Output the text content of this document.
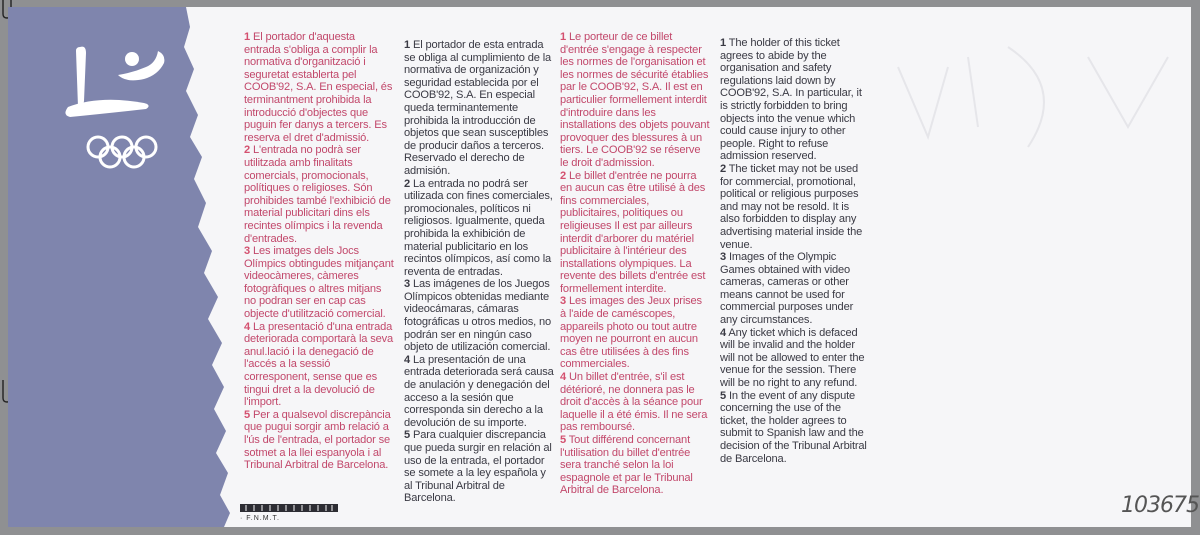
1 El portador d'aquesta entrada s'obliga a complir la normativa d'organització i seguretat establerta pel COOB'92, S.A. En especial, és terminantment prohibida la introducció d'objectes que puguin fer danys a tercers. Es reserva el dret d'admissió.

2 L'entrada no podrà ser utilitzada amb finalitats comercials, promocionals, polítiques o religioses. Són prohibides també l'exhibició de material publicitari dins els recintes olímpics i la revenda d'entrades.

3 Les imatges dels Jocs Olímpics obtingudes mitjançant videocàmeres, càmeres fotogràfiques o altres mitjans no podran ser en cap cas objecte d'utilització comercial.

4 La presentació d'una entrada deteriorada comportarà la seva anul.lació i la denegació de l'accés a la sessió corresponent, sense que es tingui dret a la devolució de l'import.

5 Per a qualsevol discrepància que pugui sorgir amb relació a l'ús de l'entrada, el portador se sotmet a la llei espanyola i al Tribunal Arbitral de Barcelona.

1 El portador de esta entrada se obliga al cumplimiento de la normativa de organización y seguridad establecida por el COOB'92, S.A. En especial queda terminantemente prohibida la introducción de objetos que sean susceptibles de producir daños a terceros. Reservado el derecho de admisión.

2 La entrada no podrá ser utilizada con fines comerciales, promocionales, políticos ni religiosos. Igualmente, queda prohibida la exhibición de material publicitario en los recintos olímpicos, así como la reventa de entradas.

3 Las imágenes de los Juegos Olímpicos obtenidas mediante videocámaras, cámaras fotográficas u otros medios, no podrán ser en ningún caso objeto de utilización comercial.

4 La presentación de una entrada deteriorada será causa de anulación y denegación del acceso a la sesión que corresponda sin derecho a la devolución de su importe.

5 Para cualquier discrepancia que pueda surgir en relación al uso de la entrada, el portador se somete a la ley española y al Tribunal Arbitral de Barcelona.

1 Le porteur de ce billet d'entrée s'engage à respecter les normes de l'organisation et les normes de sécurité établies par le COOB'92, S.A. Il est en particulier formellement interdit d'introduire dans les installations des objets pouvant provoquer des blessures à un tiers. Le COOB'92 se réserve le droit d'admission.

2 Le billet d'entrée ne pourra en aucun cas être utilisé à des fins commerciales, publicitaires, politiques ou religieuses Il est par ailleurs interdit d'arborer du matériel publicitaire à l'intérieur des installations olympiques. La revente des billets d'entrée est formellement interdite.

3 Les images des Jeux prises à l'aide de caméscopes, appareils photo ou tout autre moyen ne pourront en aucun cas être utilisées à des fins commerciales.

4 Un billet d'entrée, s'il est détérioré, ne donnera pas le droit d'accès à la séance pour laquelle il a été émis. Il ne sera pas remboursé.

5 Tout différend concernant l'utilisation du billet d'entrée sera tranché selon la loi espagnole et par le Tribunal Arbitral de Barcelona.

1 The holder of this ticket agrees to abide by the organisation and safety regulations laid down by COOB'92, S.A. In particular, it is strictly forbidden to bring objects into the venue which could cause injury to other people. Right to refuse admission reserved.

2 The ticket may not be used for commercial, promotional, political or religious purposes and may not be resold. It is also forbidden to display any advertising material inside the venue.

3 Images of the Olympic Games obtained with video cameras, cameras or other means cannot be used for commercial purposes under any circumstances.

4 Any ticket which is defaced will be invalid and the holder will not be allowed to enter the venue for the session. There will be no right to any refund.

5 In the event of any dispute concerning the use of the ticket, the holder agrees to submit to Spanish law and the decision of the Tribunal Arbitral de Barcelona.

· F.N.M.T.
103675
